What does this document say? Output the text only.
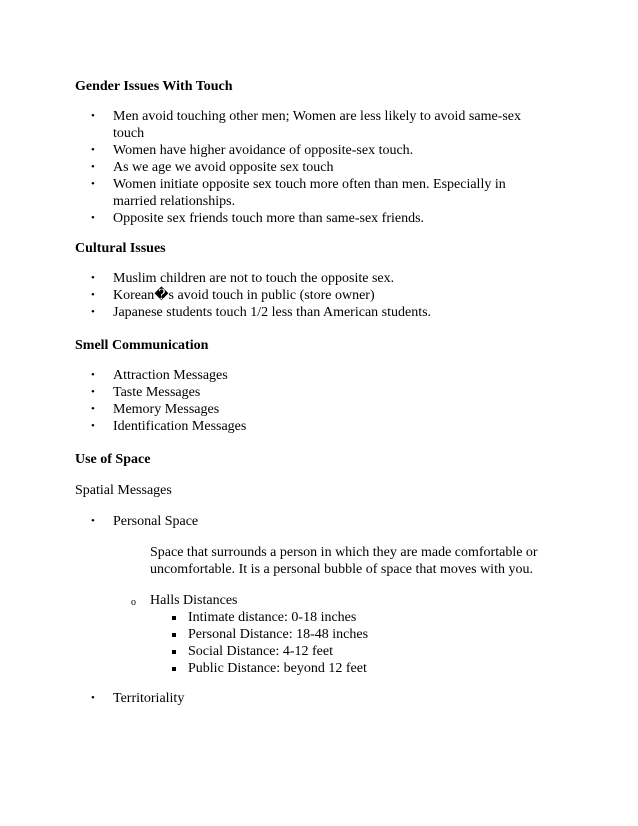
Gender Issues With Touch
•
Men avoid touching other men; Women are less likely to avoid same-sex touch
•
Women have higher avoidance of opposite-sex touch.
•
As we age we avoid opposite sex touch
•
Women initiate opposite sex touch more often than men. Especially in married relationships.
•
Opposite sex friends touch more than same-sex friends.
Cultural Issues
•
Muslim children are not to touch the opposite sex.
•
Korean�s avoid touch in public (store owner)
•
Japanese students touch 1/2 less than American students.
Smell Communication
•
Attraction Messages
•
Taste Messages
•
Memory Messages
•
Identification Messages
Use of Space

Spatial Messages

•
Personal Space

Space that surrounds a person in which they are made comfortable or uncomfortable. It is a personal bubble of space that moves with you.

o Halls Distances
Intimate distance: 0-18 inches
Personal Distance: 18-48 inches
Social Distance: 4-12 feet
Public Distance: beyond 12 feet
•
Territoriality
